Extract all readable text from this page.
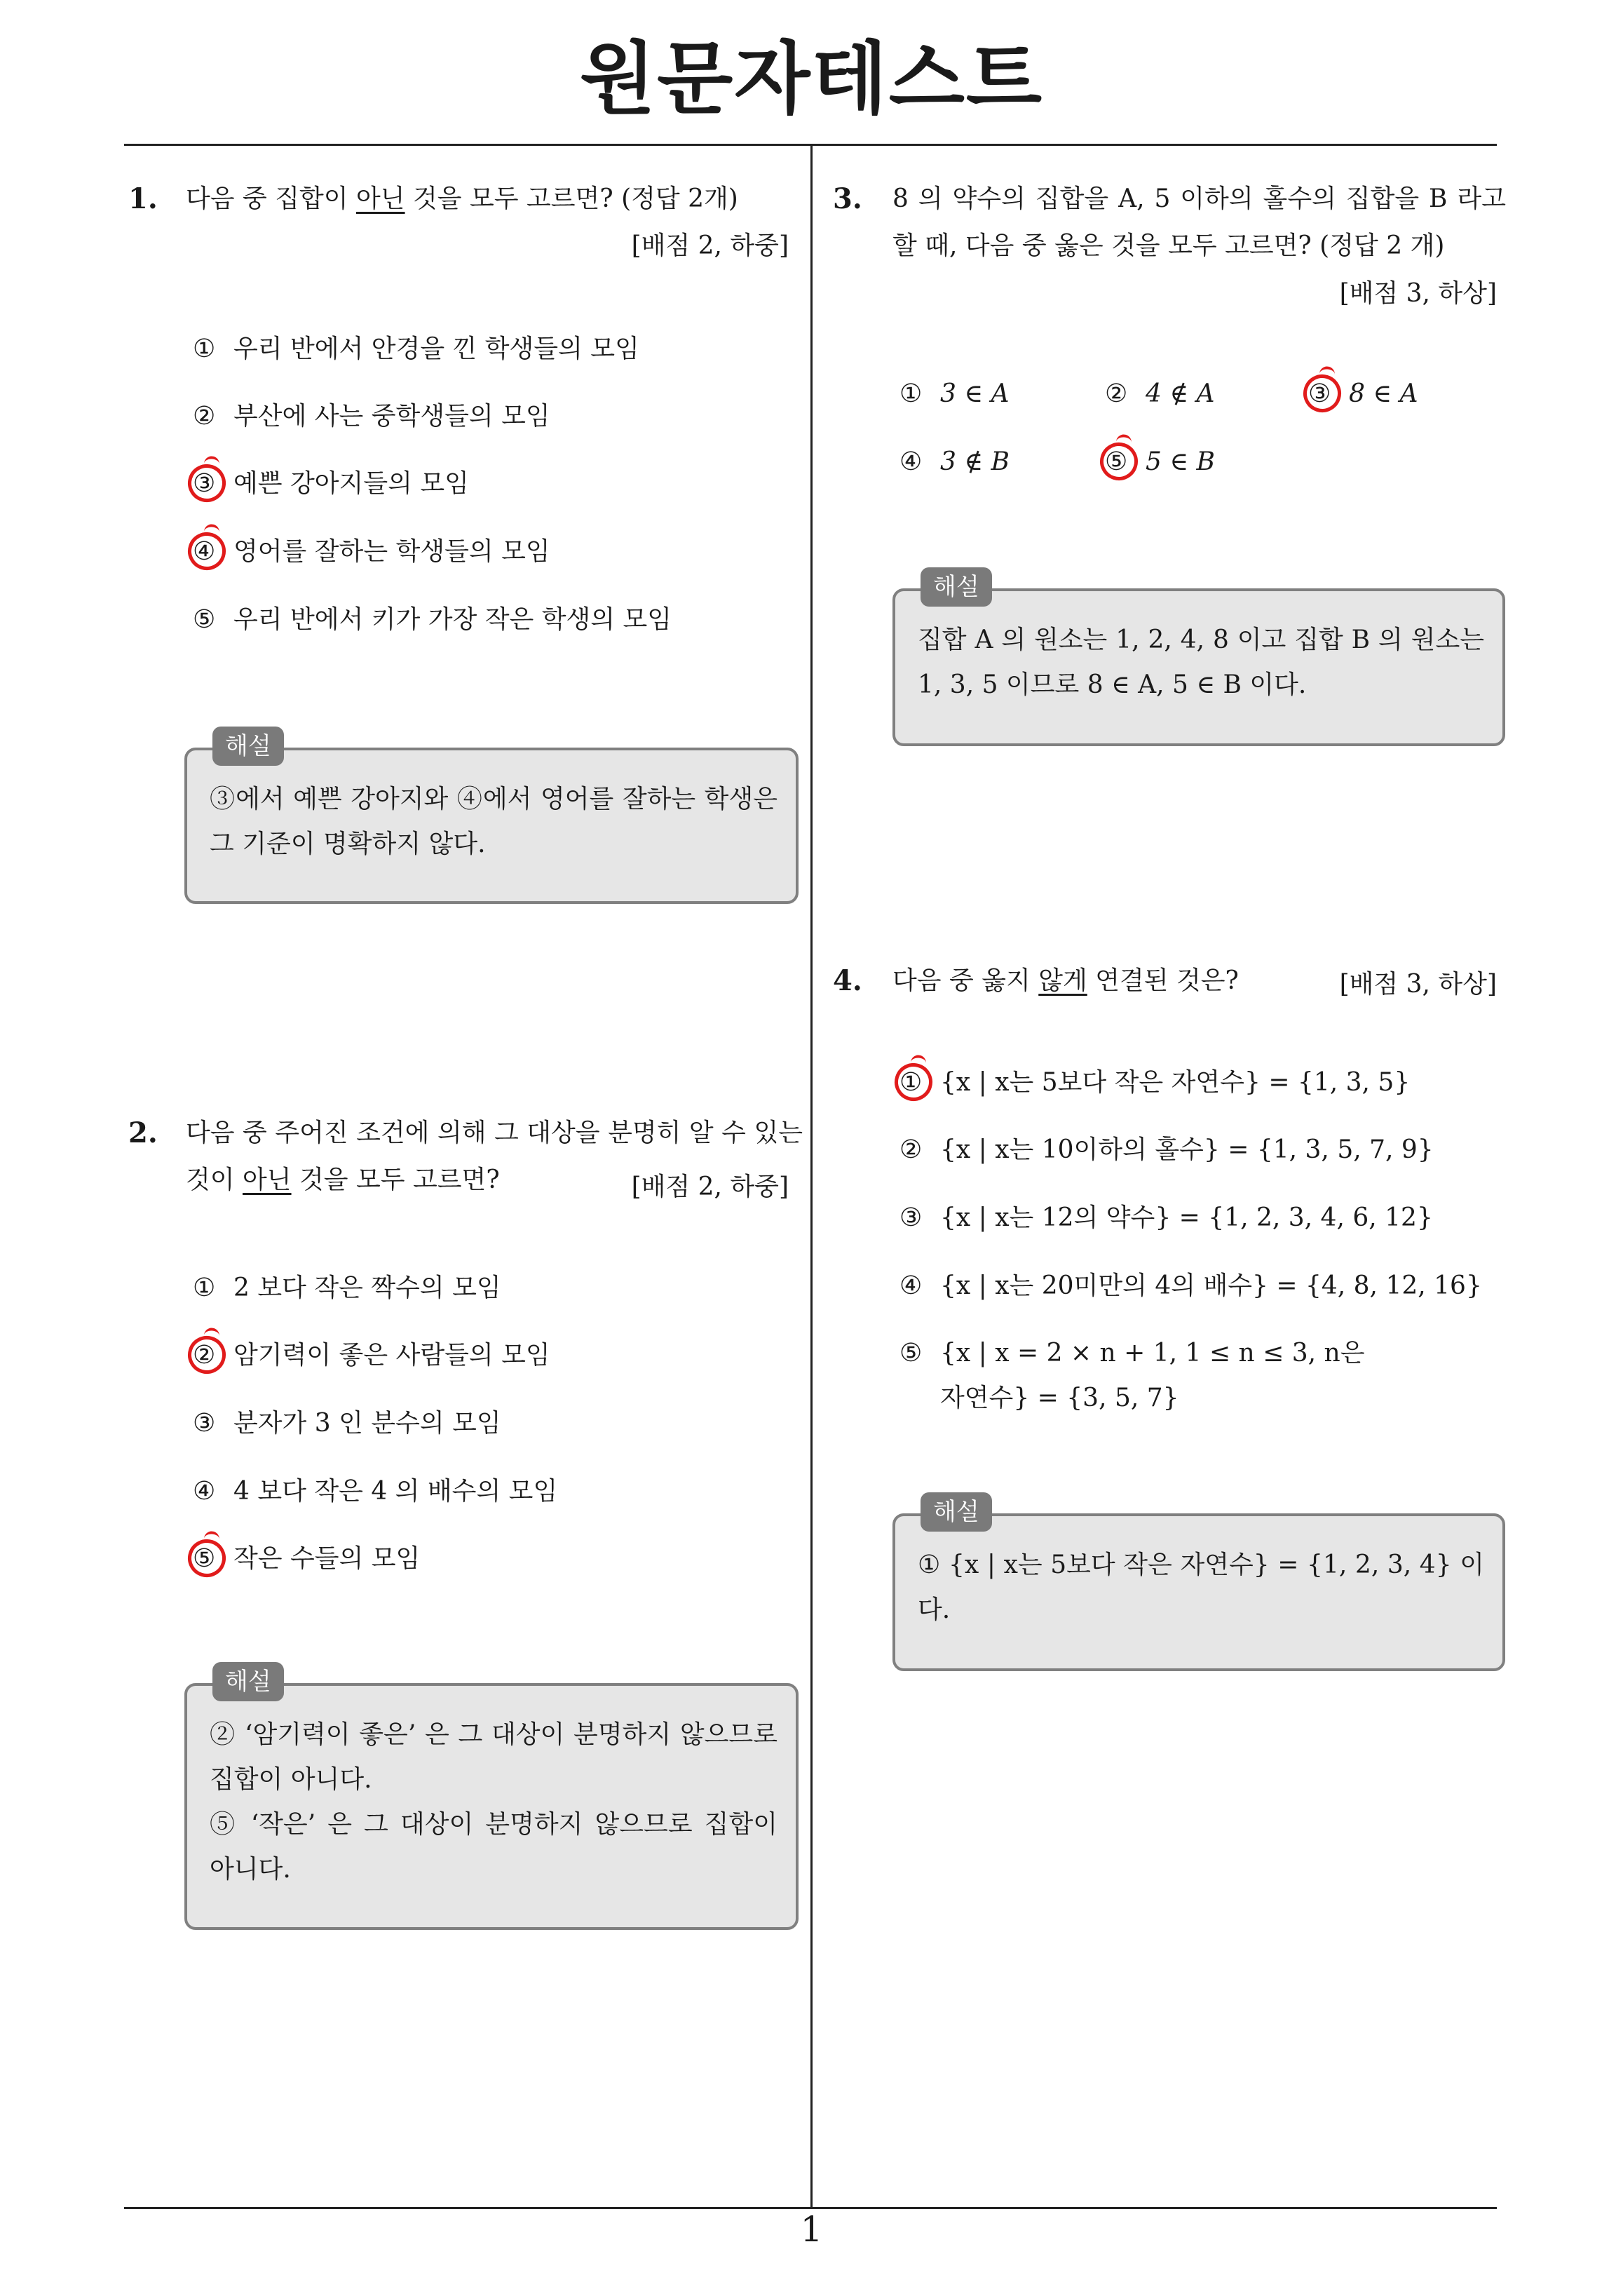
원문자테스트
1
1. 다음 중 집합이 아닌 것을 모두 고르면? (정답 2개)
[배점 2, 하중]
① 우리 반에서 안경을 낀 학생들의 모임
② 부산에 사는 중학생들의 모임
③ 예쁜 강아지들의 모임
④ 영어를 잘하는 학생들의 모임
⑤ 우리 반에서 키가 가장 작은 학생의 모임
③에서 예쁜 강아지와 ④에서 영어를 잘하는 학생은 그 기준이 명확하지 않다.
해설
2. 다음 중 주어진 조건에 의해 그 대상을 분명히 알 수 있는 것이 아닌 것을 모두 고르면?	[배점 2, 하중]
① 2 보다 작은 짝수의 모임
② 암기력이 좋은 사람들의 모임
③ 분자가 3 인 분수의 모임
④ 4 보다 작은 4 의 배수의 모임
⑤ 작은 수들의 모임
② ‘암기력이 좋은’ 은 그 대상이 분명하지 않으므로 집합이 아니다.
⑤ ‘작은’ 은 그 대상이 분명하지 않으므로 집합이 아니다.
해설
3. 8 의 약수의 집합을 A, 5 이하의 홀수의 집합을 B 라고 할 때, 다음 중 옳은 것을 모두 고르면? (정답 2 개)
[배점 3, 하상]
① 3 ∈ A	② 4 ∉ A	③ 8 ∈ A
④ 3 ∉ B	⑤ 5 ∈ B
집합 A 의 원소는 1, 2, 4, 8 이고 집합 B 의 원소는 1, 3, 5 이므로 8 ∈ A, 5 ∈ B 이다.
해설
4. 다음 중 옳지 않게 연결된 것은?	[배점 3, 하상]
① {x | x는 5보다 작은 자연수} = {1, 3, 5}
② {x | x는 10이하의 홀수} = {1, 3, 5, 7, 9}
③ {x | x는 12의 약수} = {1, 2, 3, 4, 6, 12}
④ {x | x는 20미만의 4의 배수} = {4, 8, 12, 16}
⑤ {x | x = 2 × n + 1, 1 ≤ n ≤ 3, n은
자연수} = {3, 5, 7}
① {x | x는 5보다 작은 자연수} = {1, 2, 3, 4} 이다.
해설
